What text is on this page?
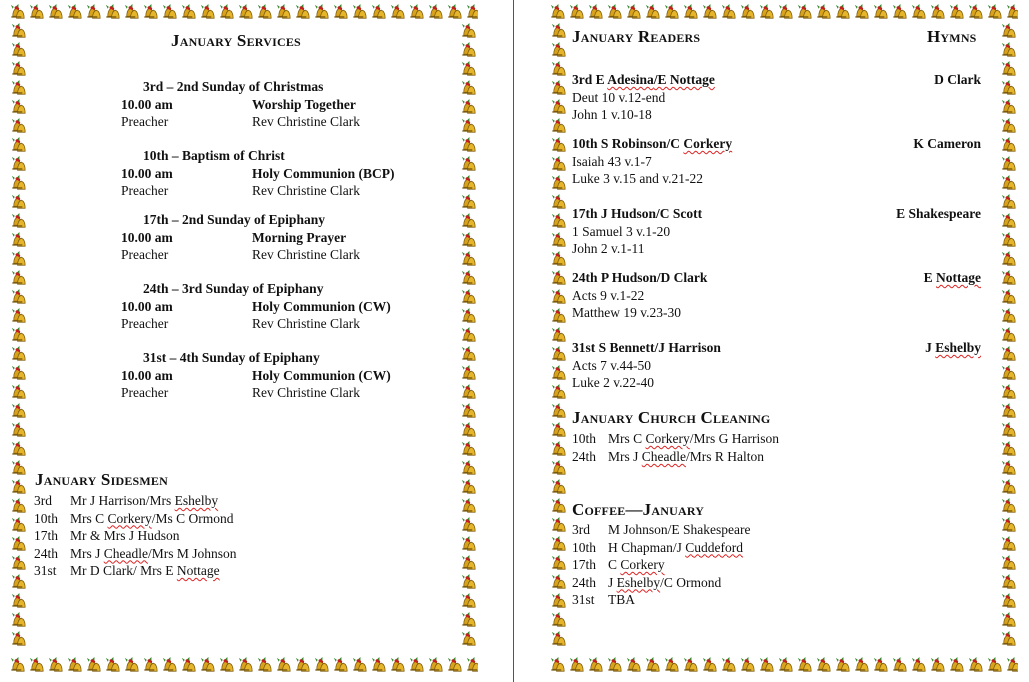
January Services
3rd – 2nd Sunday of Christmas
10.00 am	Worship Together
Preacher	Rev Christine Clark
10th – Baptism of Christ
10.00 am	Holy Communion (BCP)
Preacher	Rev Christine Clark
17th – 2nd Sunday of Epiphany
10.00 am	Morning Prayer
Preacher	Rev Christine Clark
24th – 3rd Sunday of Epiphany
10.00 am	Holy Communion (CW)
Preacher	Rev Christine Clark
31st – 4th Sunday of Epiphany
10.00 am	Holy Communion (CW)
Preacher	Rev Christine Clark
January Sidesmen
3rd Mr J Harrison/Mrs Eshelby
10th Mrs C Corkery/Ms C Ormond
17th Mr & Mrs J Hudson
24th Mrs J Cheadle/Mrs M Johnson
31st Mr D Clark/ Mrs E Nottage
January Readers	Hymns
3rd E Adesina/E Nottage	D Clark
Deut 10 v.12-end
John 1 v.10-18
10th S Robinson/C Corkery	K Cameron
Isaiah 43 v.1-7
Luke 3 v.15 and v.21-22
17th J Hudson/C Scott	E Shakespeare
1 Samuel 3 v.1-20
John 2 v.1-11
24th P Hudson/D Clark	E Nottage
Acts 9 v.1-22
Matthew 19 v.23-30
31st S Bennett/J Harrison	J Eshelby
Acts 7 v.44-50
Luke 2 v.22-40
January Church Cleaning
10th Mrs C Corkery/Mrs G Harrison
24th Mrs J Cheadle/Mrs R Halton
Coffee—January
3rd M Johnson/E Shakespeare
10th H Chapman/J Cuddeford
17th C Corkery
24th J Eshelby/C Ormond
31st TBA
